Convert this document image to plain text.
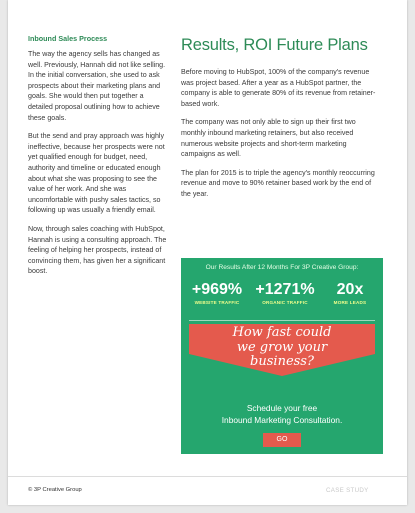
Inbound Sales Process

The way the agency sells has changed as well. Previously, Hannah did not like selling. In the initial conversation, she used to ask prospects about their marketing plans and goals. She would then put together a detailed proposal outlining how to achieve these goals.

But the send and pray approach was highly ineffective, because her prospects were not yet qualified enough for budget, need, authority and timeline or educated enough about what she was proposing to see the value of her work. And she was uncomfortable with pushy sales tactics, so following up was usually a friendly email.

Now, through sales coaching with HubSpot, Hannah is using a consulting approach. The feeling of helping her prospects, instead of convincing them, has given her a significant boost.

Results, ROI Future Plans

Before moving to HubSpot, 100% of the company's revenue was project based. After a year as a HubSpot partner, the company is able to generate 80% of its revenue from retainer-based work.

The company was not only able to sign up their first two monthly inbound marketing retainers, but also received numerous website projects and short-term marketing campaigns as well.

The plan for 2015 is to triple the agency's monthly reoccurring revenue and move to 90% retainer based work by the end of the year.

Our Results After 12 Months For 3P Creative Group:
+969%
WEBSITE TRAFFIC
+1271%
ORGANIC TRAFFIC
20x
MORE LEADS
How fast could
we grow your
business?
Schedule your free
Inbound Marketing Consultation.
GO
© 3P Creative Group	CASE STUDY
